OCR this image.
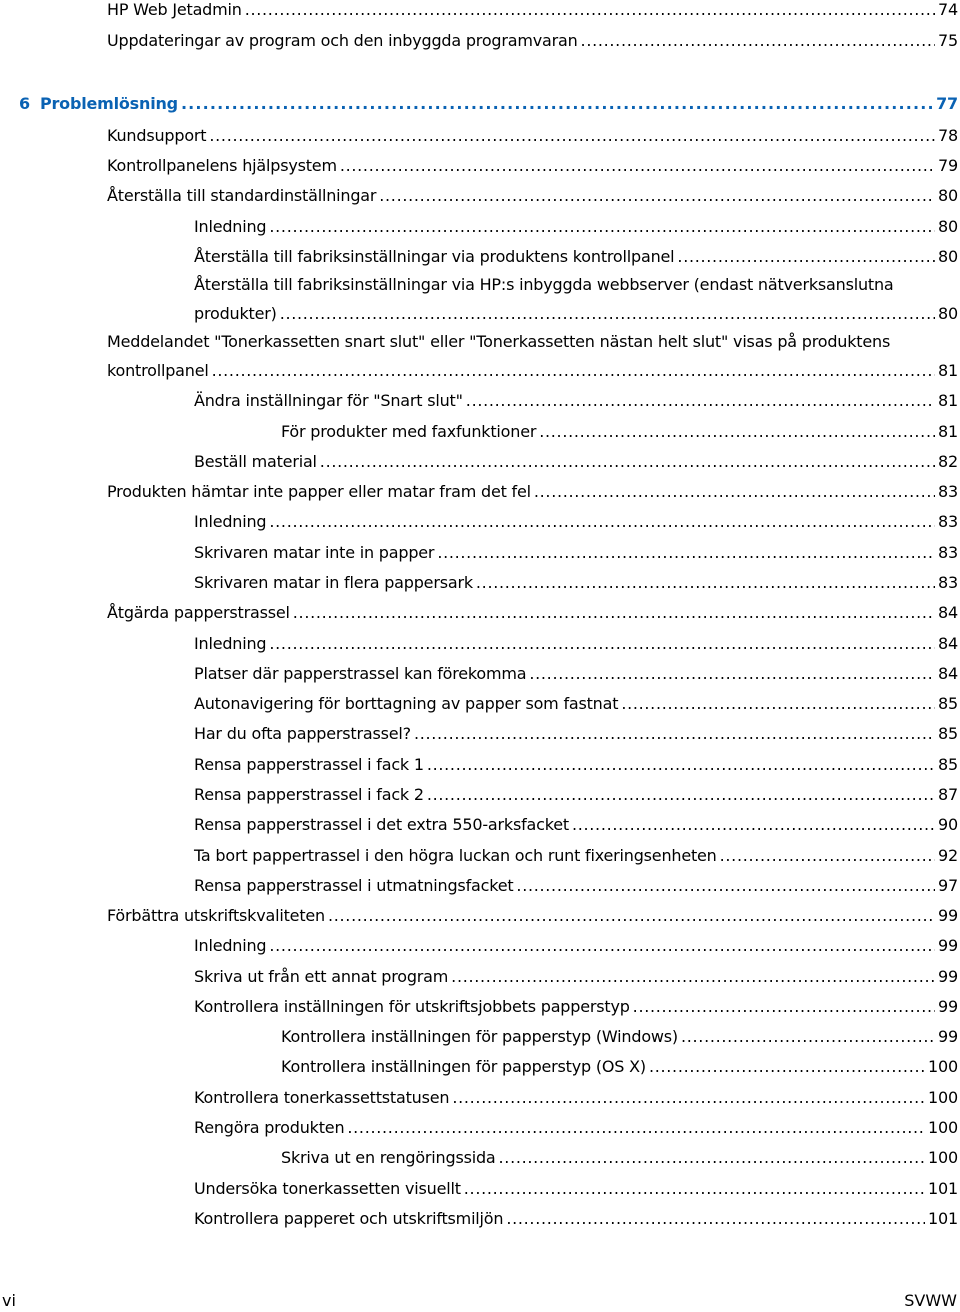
HP Web Jetadmin . . .	74
Uppdateringar av program och den inbyggda programvaran . . .	75
6 Problemlösning . . .	77
Kundsupport . . .	78
Kontrollpanelens hjälpsystem . . .	79
Återställa till standardinställningar . . .	80
Inledning . . .	80
Återställa till fabriksinställningar via produktens kontrollpanel . . .	80
Återställa till fabriksinställningar via HP:s inbyggda webbserver (endast nätverksanslutna
produkter) . . .	80
Meddelandet "Tonerkassetten snart slut" eller "Tonerkassetten nästan helt slut" visas på produktens
kontrollpanel . . .	81
Ändra inställningar för "Snart slut" . . .	81
För produkter med faxfunktioner . . .	81
Beställ material . . .	82
Produkten hämtar inte papper eller matar fram det fel . . .	83
Inledning . . .	83
Skrivaren matar inte in papper . . .	83
Skrivaren matar in flera pappersark . . .	83
Åtgärda papperstrassel . . .	84
Inledning . . .	84
Platser där papperstrassel kan förekomma . . .	84
Autonavigering för borttagning av papper som fastnat . . .	85
Har du ofta papperstrassel? . . .	85
Rensa papperstrassel i fack 1 . . .	85
Rensa papperstrassel i fack 2 . . .	87
Rensa papperstrassel i det extra 550-arksfacket . . .	90
Ta bort pappertrassel i den högra luckan och runt fixeringsenheten . . .	92
Rensa papperstrassel i utmatningsfacket . . .	97
Förbättra utskriftskvaliteten . . .	99
Inledning . . .	99
Skriva ut från ett annat program . . .	99
Kontrollera inställningen för utskriftsjobbets papperstyp . . .	99
Kontrollera inställningen för papperstyp (Windows) . . .	99
Kontrollera inställningen för papperstyp (OS X) . . .	100
Kontrollera tonerkassettstatusen . . .	100
Rengöra produkten . . .	100
Skriva ut en rengöringssida . . .	100
Undersöka tonerkassetten visuellt . . .	101
Kontrollera papperet och utskriftsmiljön . . .	101
vi	SVWW
